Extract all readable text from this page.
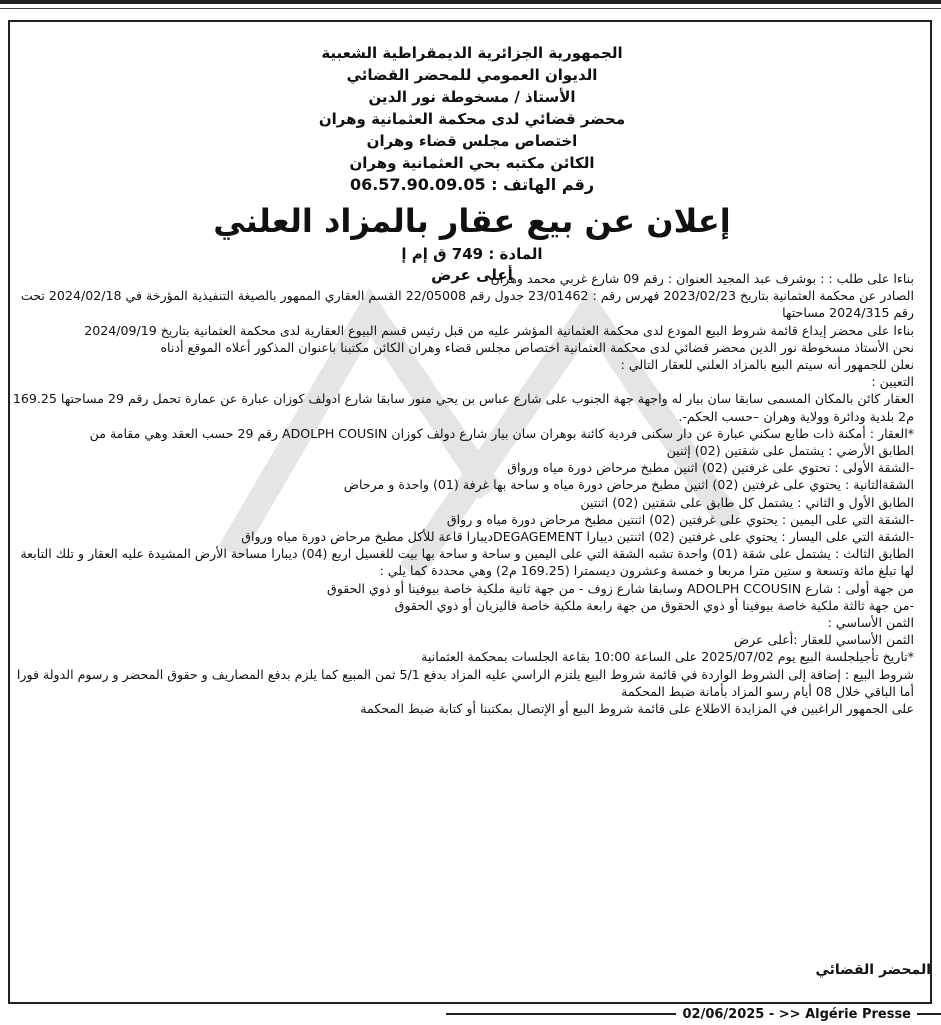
الجمهورية الجزائرية الديمقراطية الشعبية
الديوان العمومي للمحضر القضائي
الأستاذ / مسخوطة نور الدين
محضر قضائي لدى محكمة العثمانية وهران
اختصاص مجلس قضاء وهران
الكائن مكتبه بحي العثمانية وهران
رقم الهاتف : 06.57.90.09.05
إعلان عن بيع عقار بالمزاد العلني
المادة : 749 ق إم إ
أعلى عرض

بناءا على طلب : : بوشرف عبد المجيد العنوان : رقم 09 شارع غربي محمد وهران

الصادر عن محكمة العثمانية بتاريخ 2023/02/23 فهرس رقم : 23/01462 جدول رقم 22/05008 القسم العقاري الممهور بالصيغة التنفيذية المؤرخة في 2024/02/18 تحت رقم 2024/315 مساحتها

بناءا على محضر إيداع قائمة شروط البيع المودع لدى محكمة العثمانية المؤشر عليه من قبل رئيس قسم البيوع العقارية لدى محكمة العثمانية بتاريخ 2024/09/19

نحن الأستاذ مسخوطة نور الدين محضر قضائي لدى محكمة العثمانية اختصاص مجلس قضاء وهران الكائن مكتبنا باعنوان المذكور أعلاه الموقع أدناه

نعلن للجمهور أنه سيتم البيع بالمزاد العلني للعقار التالي :

التعيين :

العقار كائن بالمكان المسمى سابقا سان بيار له واجهة جهة الجنوب على شارع عباس بن يحي منور سابقا شارع ادولف كوزان عبارة عن عمارة تحمل رقم 29 مساحتها 169.25 م2 بلدية ودائرة وولاية وهران –حسب الحكم-.

*العقار : أمكنة ذات طابع سكني عبارة عن دار سكنى فردية كائنة بوهران سان بيار شارع دولف كوزان ADOLPH COUSIN رقم 29 حسب العقد وهي مقامة من

الطابق الأرضي : يشتمل على شقتين (02) إثنين

-الشقة الأولى : تحتوي على غرفتين (02) اثنين مطبخ مرحاض دورة مياه ورواق

الشقةالثانية : يحتوي على غرفتين (02) اثنين مطبخ مرحاض دورة مياه و ساحة بها غرفة (01) واحدة و مرحاض

الطابق الأول و الثاني : يشتمل كل طابق على شقتين (02) اثنتين

-الشقة التي على اليمين : يحتوي على غرفتين (02) اثنتين مطبخ مرحاض دورة مياه و رواق

-الشقة التي على اليسار : يحتوي على غرفتين (02) اثنتين ديبارا DEGAGEMENTديبارا قاعة للأكل مطبخ مرحاض دورة مياه ورواق

الطابق الثالث : يشتمل على شقة (01) واحدة تشبه الشقة التي على اليمين و ساحة و ساحة بها بيت للغسيل اربع (04) ديبارا مساحة الأرض المشيدة عليه العقار و تلك التابعة لها تبلغ مائة وتسعة و ستين مترا مربعا و خمسة وعشرون ديسمترا (169.25 م2) وهي محددة كما يلي :

من جهة أولى : شارع ADOLPH CCOUSIN وسابقا شارع زوف - من جهة ثانية ملكية خاصة بيوفينا أو ذوي الحقوق

-من جهة ثالثة ملكية خاصة بيوفينا أو ذوي الحقوق من جهة رابعة ملكية خاصة فاليزيان أو ذوي الحقوق

الثمن الأساسي :

الثمن الأساسي للعقار :أعلى عرض

*تاريخ تأجيلجلسة البيع يوم 2025/07/02 على الساعة 10:00 بقاعة الجلسات بمحكمة العثمانية

شروط البيع : إضافة إلى الشروط الواردة في قائمة شروط البيع يلتزم الراسي عليه المزاد بدفع 5/1 ثمن المبيع كما يلزم بدفع المصاريف و حقوق المحضر و رسوم الدولة فورا أما الباقي خلال 08 أيام رسو المزاد بأمانة ضبط المحكمة

على الجمهور الراغبين في المزايدة الاطلاع على قائمة شروط البيع أو الإتصال بمكتبنا أو كتابة ضبط المحكمة

المحضر القضائي
02/06/2025 - >> Algérie Presse
